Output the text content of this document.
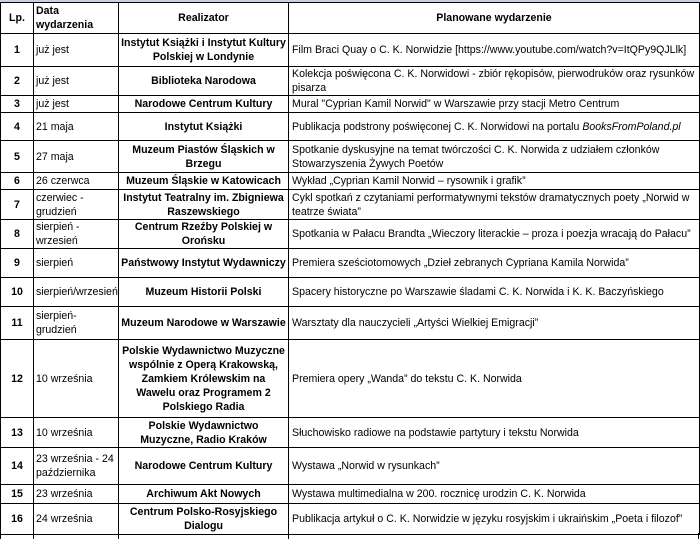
Lp.	Data wydarzenia	Realizator	Planowane wydarzenie
1	już jest	Instytut Książki i Instytut Kultury Polskiej w Londynie	Film Braci Quay o C. K. Norwidzie [https://www.youtube.com/watch?v=ItQPy9QJLlk]
2	już jest	Biblioteka Narodowa	Kolekcja poświęcona C. K. Norwidowi - zbiór rękopisów, pierwodruków oraz rysunków pisarza
3	już jest	Narodowe Centrum Kultury	Mural "Cyprian Kamil Norwid" w Warszawie przy stacji Metro Centrum
4	21 maja	Instytut Książki	Publikacja podstrony poświęconej C. K. Norwidowi na portalu BooksFromPoland.pl
5	27 maja	Muzeum Piastów Śląskich w Brzegu	Spotkanie dyskusyjne na temat twórczości C. K. Norwida z udziałem członków Stowarzyszenia Żywych Poetów
6	26 czerwca	Muzeum Śląskie w Katowicach	Wykład „Cyprian Kamil Norwid – rysownik i grafik”
7	czerwiec - grudzień	Instytut Teatralny im. Zbigniewa Raszewskiego	Cykl spotkań z czytaniami performatywnymi tekstów dramatycznych poety „Norwid w teatrze świata”
8	sierpień - wrzesień	Centrum Rzeźby Polskiej w Orońsku	Spotkania w Pałacu Brandta „Wieczory literackie – proza i poezja wracają do Pałacu”
9	sierpień	Państwowy Instytut Wydawniczy	Premiera sześciotomowych „Dzieł zebranych Cypriana Kamila Norwida”
10	sierpień/wrzesień	Muzeum Historii Polski	Spacery historyczne po Warszawie śladami C. K. Norwida i K. K. Baczyńskiego
11	sierpień- grudzień	Muzeum Narodowe w Warszawie	Warsztaty dla nauczycieli „Artyści Wielkiej Emigracji”
12	10 września	Polskie Wydawnictwo Muzyczne wspólnie z Operą Krakowską, Zamkiem Królewskim na Wawelu oraz Programem 2 Polskiego Radia	Premiera opery „Wanda” do tekstu C. K. Norwida
13	10 września	Polskie Wydawnictwo Muzyczne, Radio Kraków	Słuchowisko radiowe na podstawie partytury i tekstu Norwida
14	23 września - 24 października	Narodowe Centrum Kultury	Wystawa „Norwid w rysunkach”
15	23 września	Archiwum Akt Nowych	Wystawa multimedialna w 200. rocznicę urodzin C. K. Norwida
16	24 września	Centrum Polsko-Rosyjskiego Dialogu	Publikacja artykuł o C. K. Norwidzie w języku rosyjskim i ukraińskim „Poeta i filozof”
